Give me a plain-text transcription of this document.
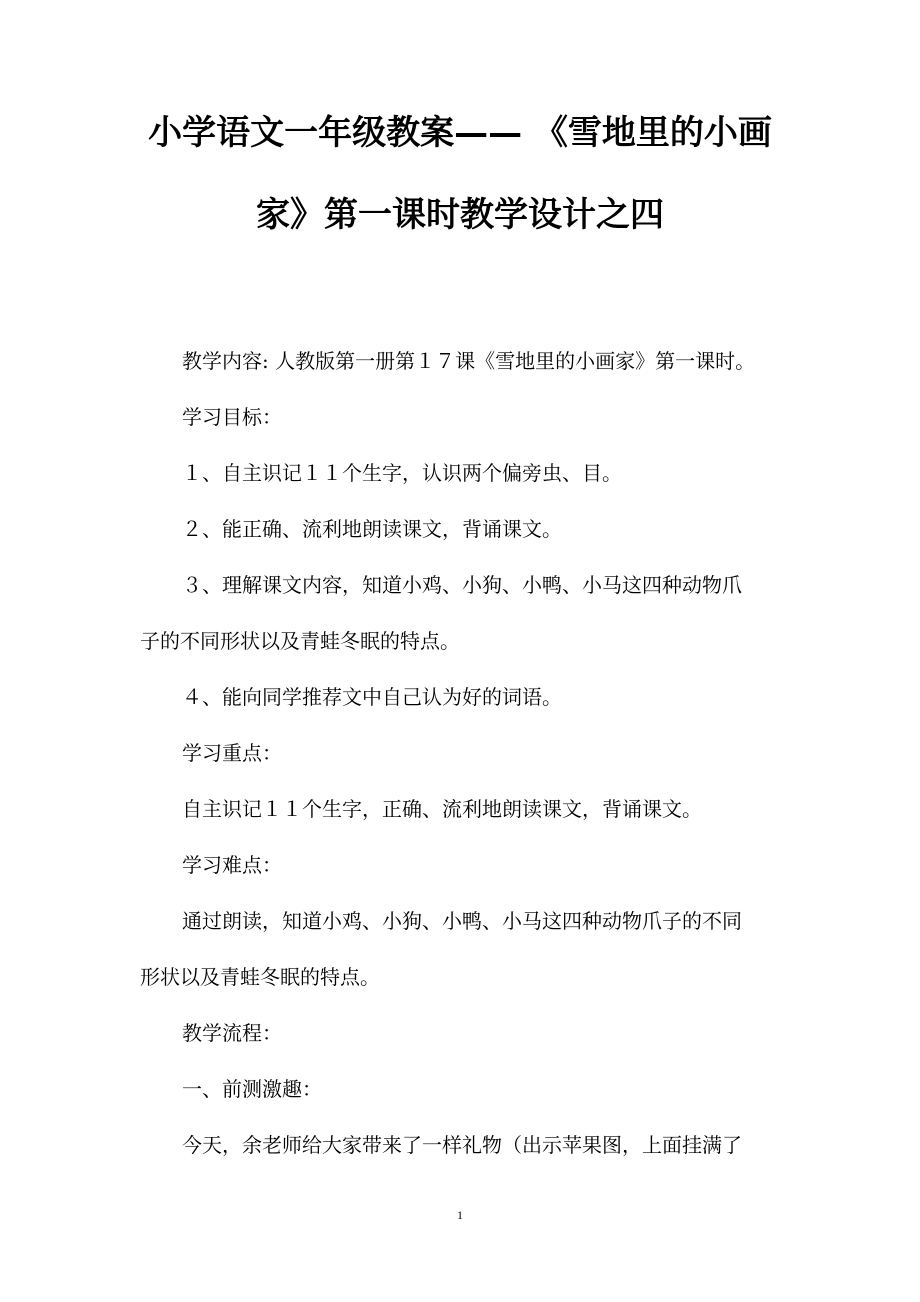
小学语文一年级教案—— 《雪地里的小画
家》第一课时教学设计之四
教学内容: 人教版第一册第１７课《雪地里的小画家》第一课时。
学习目标：
１、自主识记１１个生字，认识两个偏旁虫、目。
２、能正确、流利地朗读课文，背诵课文。
３、理解课文内容，知道小鸡、小狗、小鸭、小马这四种动物爪
子的不同形状以及青蛙冬眠的特点。
４、能向同学推荐文中自己认为好的词语。
学习重点：
自主识记１１个生字，正确、流利地朗读课文，背诵课文。
学习难点：
通过朗读，知道小鸡、小狗、小鸭、小马这四种动物爪子的不同
形状以及青蛙冬眠的特点。
教学流程：
一、前测激趣：
今天，余老师给大家带来了一样礼物（出示苹果图，上面挂满了
1
